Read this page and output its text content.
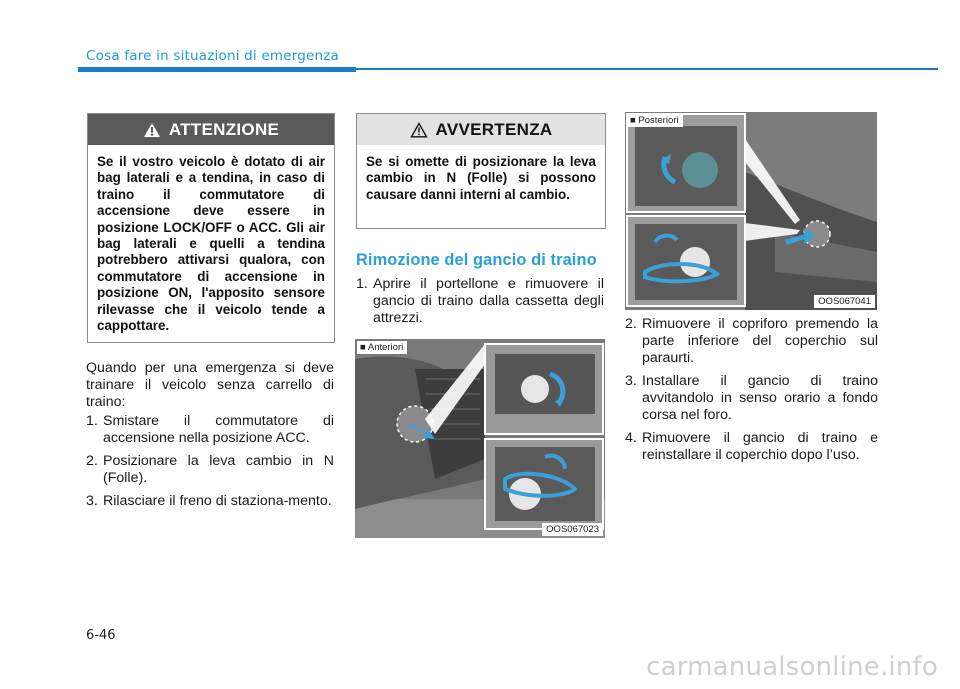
Cosa fare in situazioni di emergenza
ATTENZIONE
Se il vostro veicolo è dotato di air bag laterali e a tendina, in caso di traino il commutatore di accensione deve essere in posizione LOCK/OFF o ACC. Gli air bag laterali e quelli a tendina potrebbero attivarsi qualora, con commutatore di accensione in posizione ON, l'apposito sensore rilevasse che il veicolo tende a cappottare.
Quando per una emergenza si deve trainare il veicolo senza carrello di traino:
1. Smistare il commutatore di accensione nella posizione ACC.
2. Posizionare la leva cambio in N (Folle).
3. Rilasciare il freno di staziona-mento.
AVVERTENZA
Se si omette di posizionare la leva cambio in N (Folle) si possono causare danni interni al cambio.
Rimozione del gancio di traino
1. Aprire il portellone e rimuovere il gancio di traino dalla cassetta degli attrezzi.
■ Anteriori
OOS067023
■ Posteriori
OOS067041
2. Rimuovere il copriforo premendo la parte inferiore del coperchio sul paraurti.
3. Installare il gancio di traino avvitandolo in senso orario a fondo corsa nel foro.
4. Rimuovere il gancio di traino e reinstallare il coperchio dopo l’uso.
6-46
carmanualsonline.info
